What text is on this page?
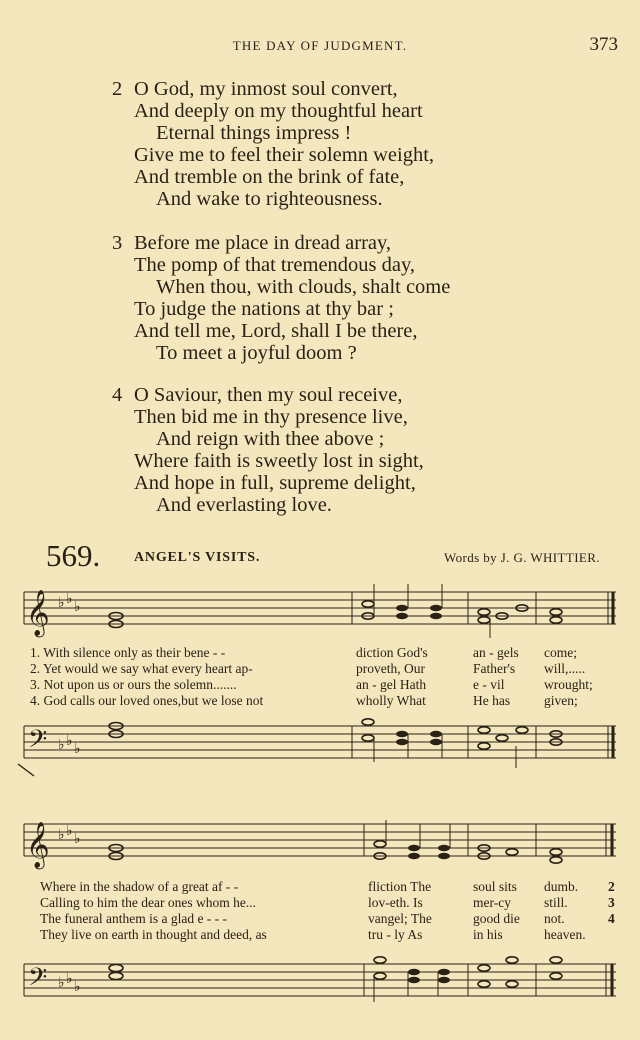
THE DAY OF JUDGMENT.	373
2 O God, my inmost soul convert,
And deeply on my thoughtful heart
Eternal things impress !
Give me to feel their solemn weight,
And tremble on the brink of fate,
And wake to righteousness.
3 Before me place in dread array,
The pomp of that tremendous day,
When thou, with clouds, shalt come
To judge the nations at thy bar ;
And tell me, Lord, shall I be there,
To meet a joyful doom ?
4 O Saviour, then my soul receive,
Then bid me in thy presence live,
And reign with thee above ;
Where faith is sweetly lost in sight,
And hope in full, supreme delight,
And everlasting love.
569. ANGEL'S VISITS.	Words by J. G. WHITTIER.
𝄞 ♭ ♭ ♭
1. With silence only as their bene - -	diction God's	an - gels	come;
2. Yet would we say what every heart ap-	proveth, Our	Father's	will,.....
3. Not upon us or ours the solemn.......	an - gel Hath	e - vil	wrought;
4. God calls our loved ones,but we lose not	wholly What	He has	given;
𝄢 ♭ ♭ ♭
𝄞 ♭ ♭ ♭
Where in the shadow of a great af - -	fliction The	soul sits	dumb.	2
Calling to him the dear ones whom he...	lov-eth. Is	mer-cy	still.	3
The funeral anthem is a glad e - - -	vangel; The	good die	not.	4
They live on earth in thought and deed, as	tru - ly As	in his	heaven.
𝄢 ♭ ♭ ♭
